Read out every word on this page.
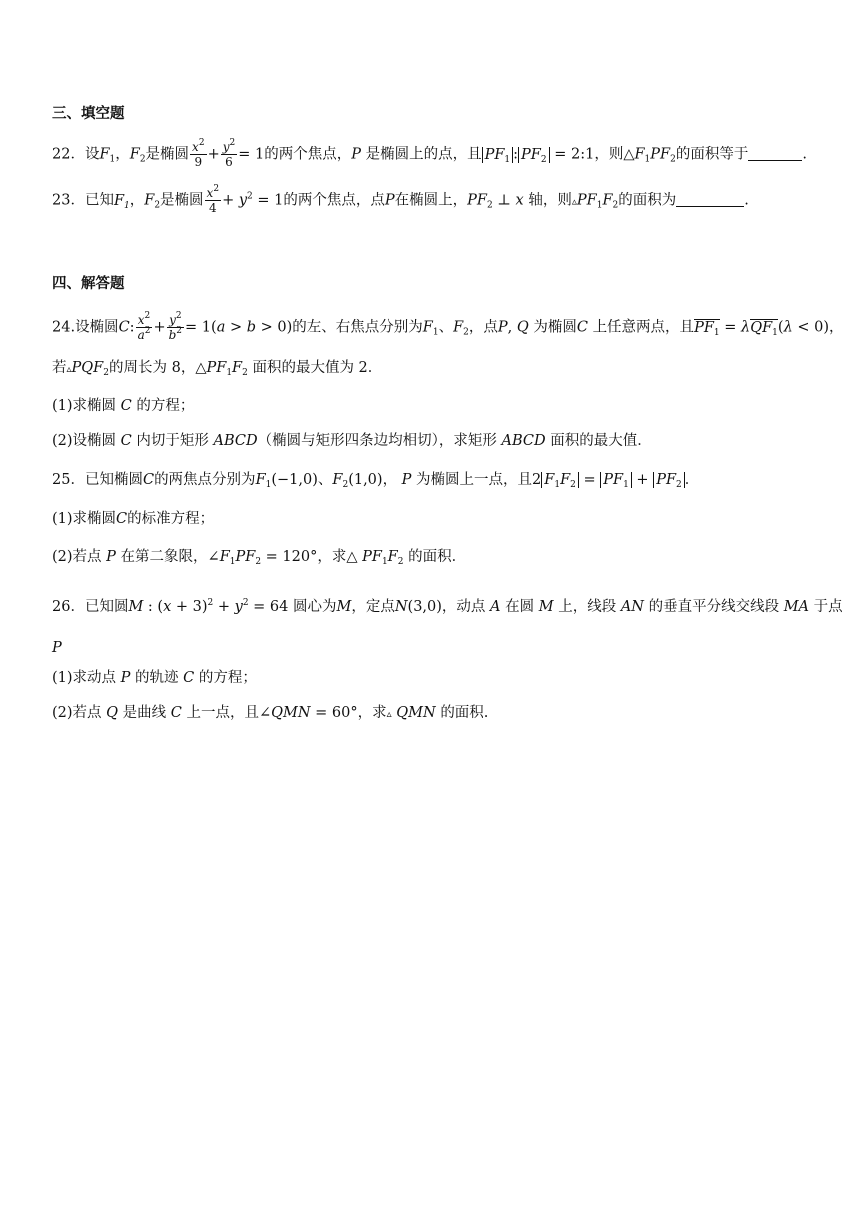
三、填空题
22．设$F_1$，$F_2$是椭圆 $\frac{x^2}{9} + \frac{y^2}{6} = 1$的两个焦点，P 是椭圆上的点，且 $PF_1$ : $PF_2$ = 2:1，则$\triangle F_1PF_2$的面积等于	.
23．已知$F_1$，$F_2$是椭圆 $\frac{x^2}{4} + y^2 = 1$的两个焦点，点P在椭圆上，$PF_2$ ⊥ x 轴，则$▵PF_1F_2$的面积为	.
四、解答题
24.设椭圆C: $\frac{x^2}{a^2} + \frac{y^2}{b^2} = 1(a > b > 0)$的左、右焦点分别为$F_1$、$F_2$，点P, Q 为椭圆C 上任意两点，且$PF_1 = \lambda QF_1(\lambda < 0)$，
若$▵PQF_2$的周长为 8，$\triangle PF_1F_2$ 面积的最大值为 2．
(1)求椭圆 C 的方程；
(2)设椭圆 C 内切于矩形 ABCD（椭圆与矩形四条边均相切），求矩形 ABCD 面积的最大值．
25．已知椭圆C的两焦点分别为$F_1(-1,0)$、$F_2(1,0)$， P 为椭圆上一点，且2 $F_1F_2 = PF_1 + PF_2$ ．
(1)求椭圆C的标准方程；
(2)若点 P 在第二象限，$\angle F_1PF_2 = 120^\circ$，求△ $PF_1F_2$ 的面积．
26．已知圆M : $(x + 3)^2 + y^2 = 64$ 圆心为M，定点N(3,0)，动点 A 在圆 M 上，线段 AN 的垂直平分线交线段 MA 于点
P
(1)求动点 P 的轨迹 C 的方程；
(2)若点 Q 是曲线 C 上一点，且∠QMN = 60°，求▵ QMN 的面积.
